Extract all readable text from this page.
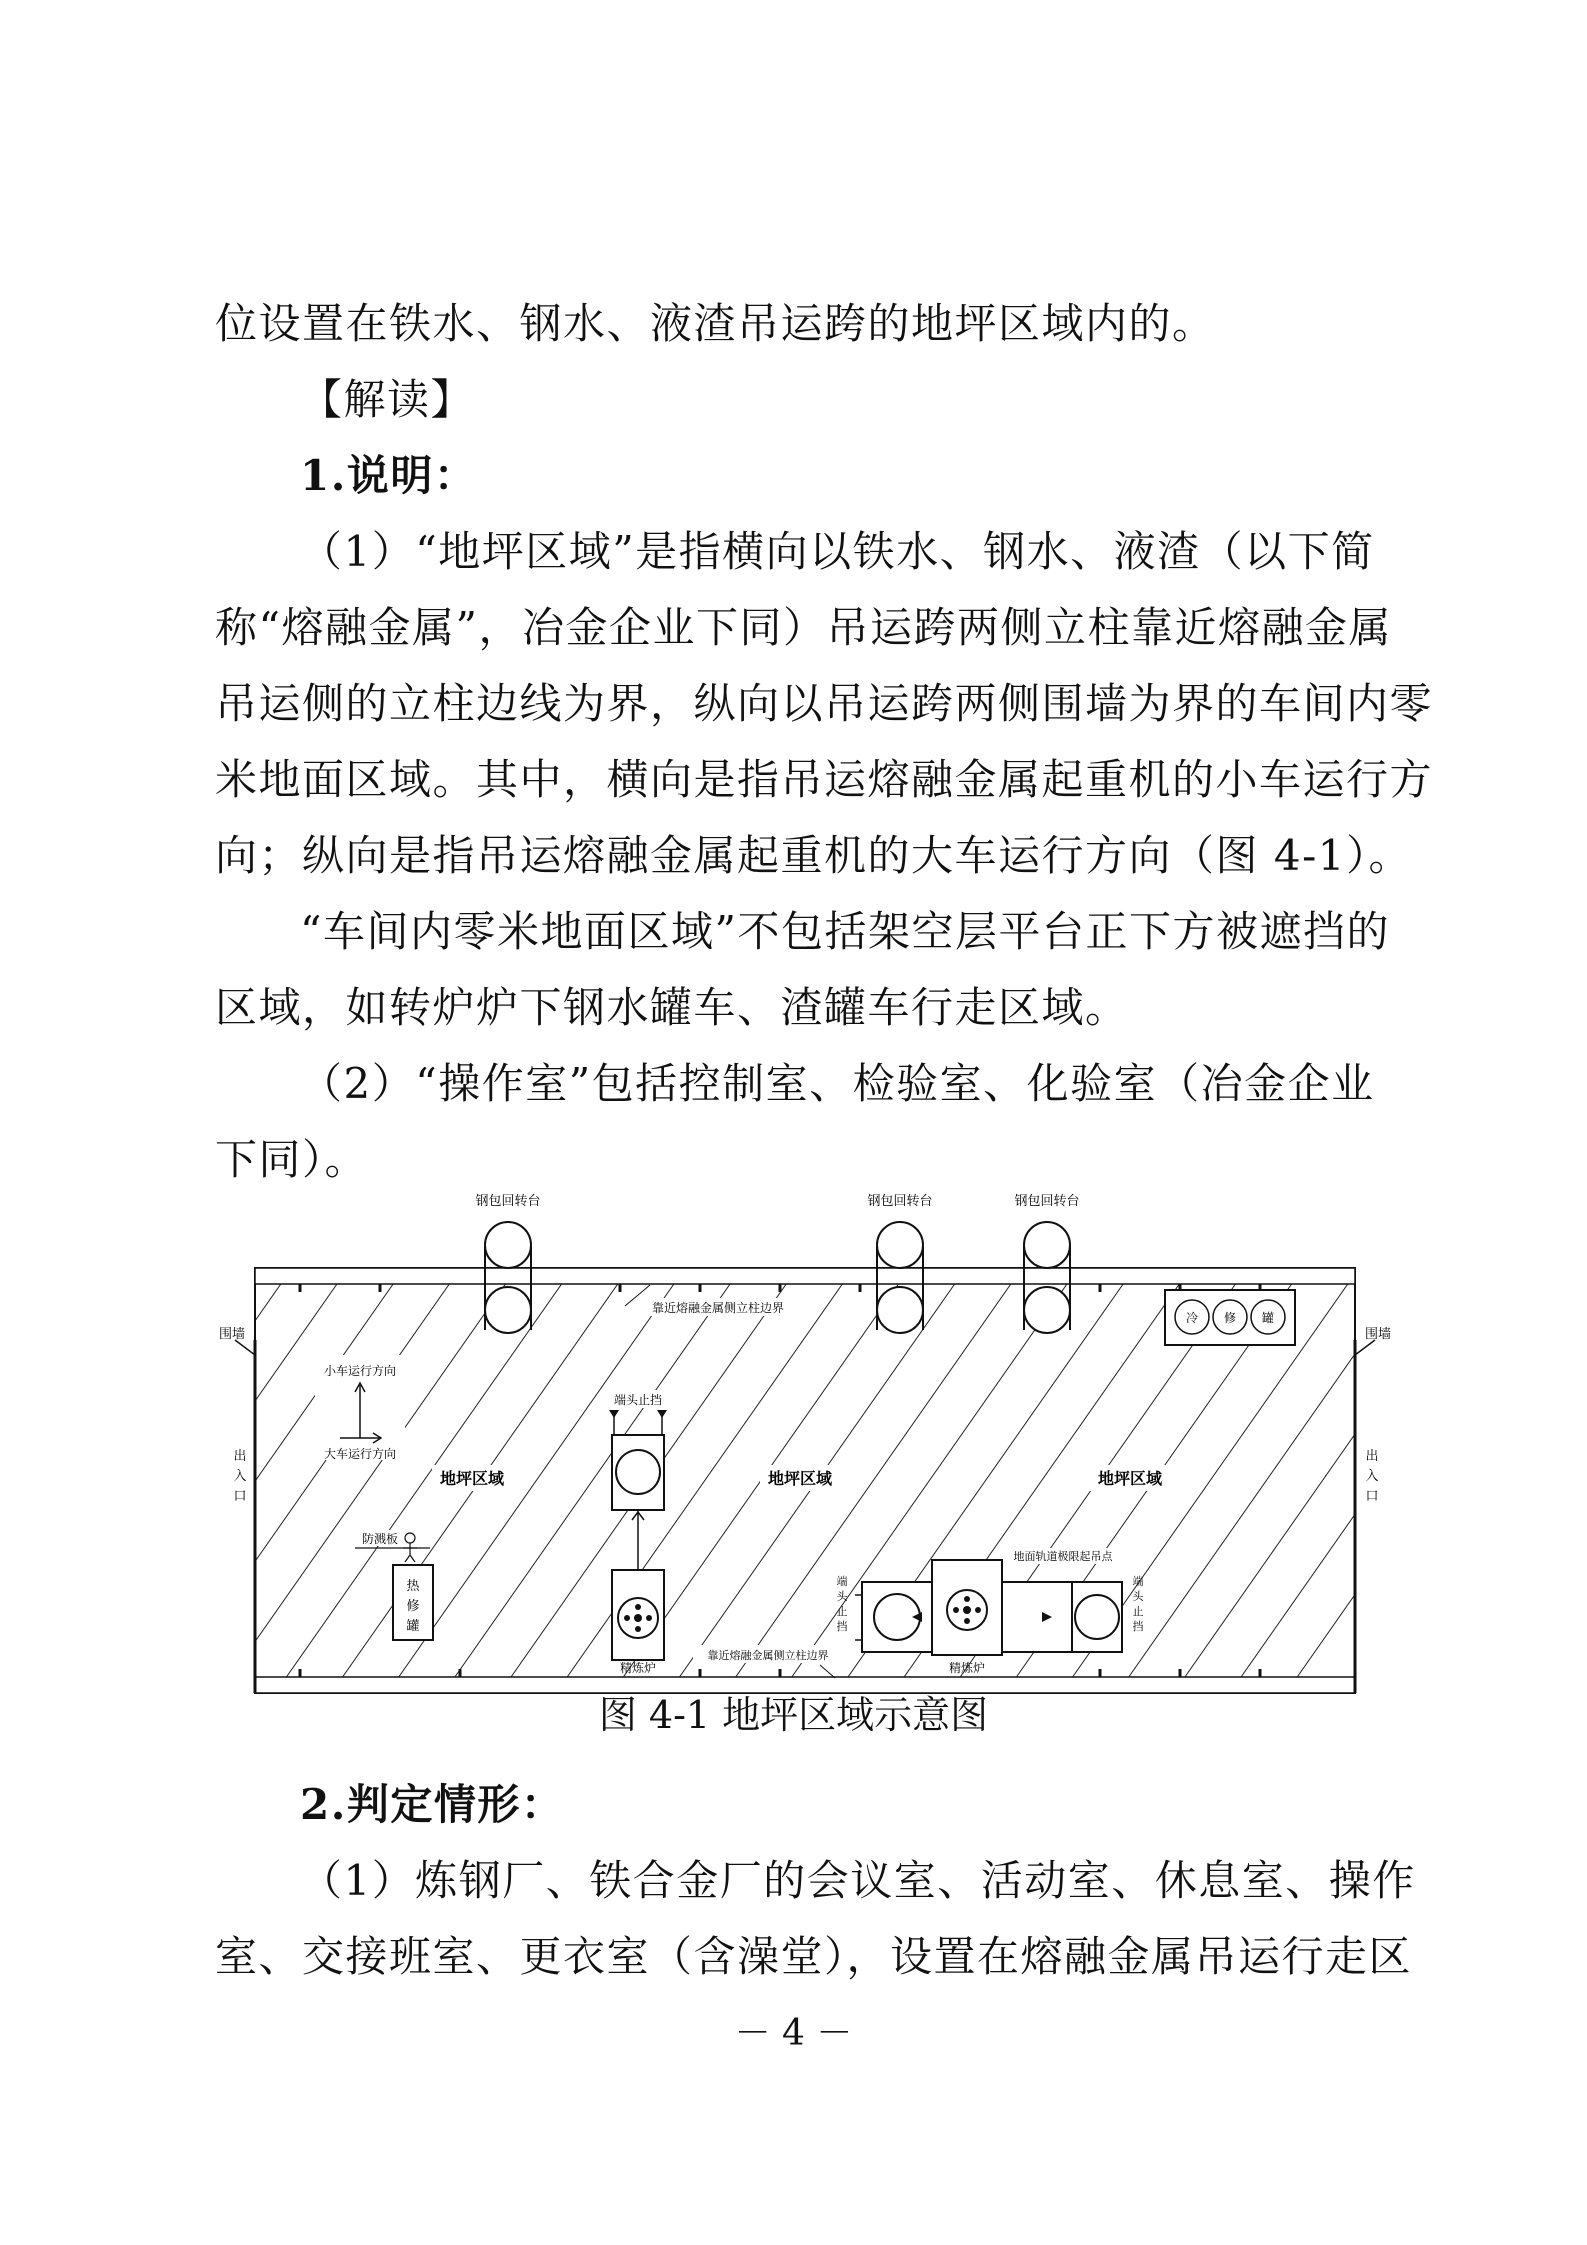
位设置在铁水、钢水、液渣吊运跨的地坪区域内的。
【解读】
1.说明：
（1）“地坪区域”是指横向以铁水、钢水、液渣（以下简
称“熔融金属”，冶金企业下同）吊运跨两侧立柱靠近熔融金属
吊运侧的立柱边线为界，纵向以吊运跨两侧围墙为界的车间内零
米地面区域。其中，横向是指吊运熔融金属起重机的小车运行方
向；纵向是指吊运熔融金属起重机的大车运行方向（图 4-1）。
“车间内零米地面区域”不包括架空层平台正下方被遮挡的
区域，如转炉炉下钢水罐车、渣罐车行走区域。
（2）“操作室”包括控制室、检验室、化验室（冶金企业
下同）。
钢包回转台	钢包回转台	钢包回转台
围墙	围墙
出
入
口
出
入
口
靠近熔融金属侧立柱边界
冷 修 罐
小车运行方向
大车运行方向
地坪区域	地坪区域	地坪区域
端头止挡
精炼炉
防溅板
热
修
罐
端
头
止
挡
精炼炉
端
头
止
挡
地面轨道极限起吊点
靠近熔融金属侧立柱边界
图 4-1 地坪区域示意图
2.判定情形：
（1）炼钢厂、铁合金厂的会议室、活动室、休息室、操作
室、交接班室、更衣室（含澡堂），设置在熔融金属吊运行走区
－ 4 －
